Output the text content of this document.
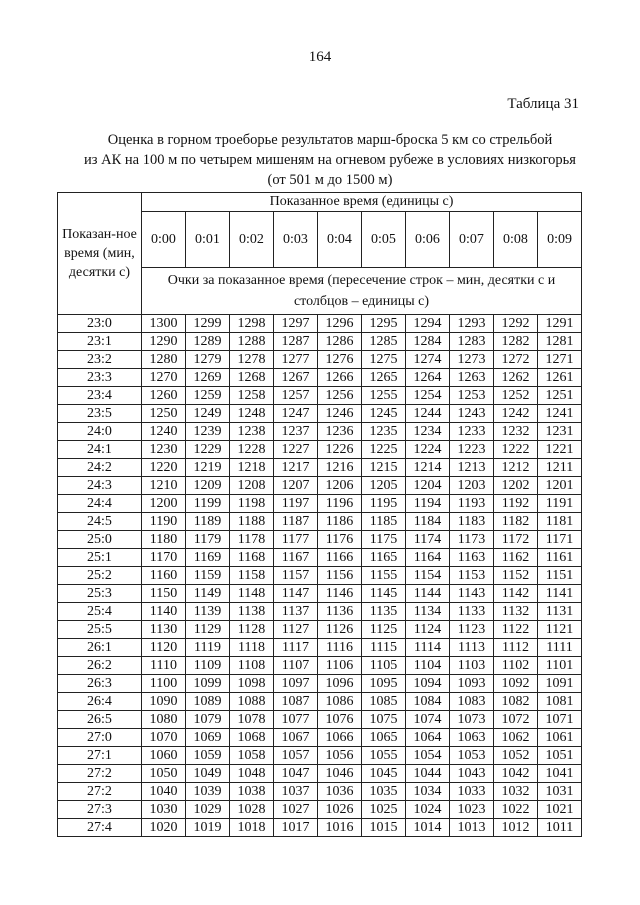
164
Таблица 31
Оценка в горном троеборье результатов марш-броска 5 км со стрельбой
из АК на 100 м по четырем мишеням на огневом рубеже в условиях низкогорья
(от 501 м до 1500 м)
Показан-ное время (мин, десятки с)	Показанное время (единицы с)									
	0:00	0:01	0:02	0:03	0:04	0:05	0:06	0:07	0:08	0:09
	Очки за показанное время (пересечение строк – мин, десятки с и столбцов – единицы с)									
23:0	1300	1299	1298	1297	1296	1295	1294	1293	1292	1291
23:1	1290	1289	1288	1287	1286	1285	1284	1283	1282	1281
23:2	1280	1279	1278	1277	1276	1275	1274	1273	1272	1271
23:3	1270	1269	1268	1267	1266	1265	1264	1263	1262	1261
23:4	1260	1259	1258	1257	1256	1255	1254	1253	1252	1251
23:5	1250	1249	1248	1247	1246	1245	1244	1243	1242	1241
24:0	1240	1239	1238	1237	1236	1235	1234	1233	1232	1231
24:1	1230	1229	1228	1227	1226	1225	1224	1223	1222	1221
24:2	1220	1219	1218	1217	1216	1215	1214	1213	1212	1211
24:3	1210	1209	1208	1207	1206	1205	1204	1203	1202	1201
24:4	1200	1199	1198	1197	1196	1195	1194	1193	1192	1191
24:5	1190	1189	1188	1187	1186	1185	1184	1183	1182	1181
25:0	1180	1179	1178	1177	1176	1175	1174	1173	1172	1171
25:1	1170	1169	1168	1167	1166	1165	1164	1163	1162	1161
25:2	1160	1159	1158	1157	1156	1155	1154	1153	1152	1151
25:3	1150	1149	1148	1147	1146	1145	1144	1143	1142	1141
25:4	1140	1139	1138	1137	1136	1135	1134	1133	1132	1131
25:5	1130	1129	1128	1127	1126	1125	1124	1123	1122	1121
26:1	1120	1119	1118	1117	1116	1115	1114	1113	1112	1111
26:2	1110	1109	1108	1107	1106	1105	1104	1103	1102	1101
26:3	1100	1099	1098	1097	1096	1095	1094	1093	1092	1091
26:4	1090	1089	1088	1087	1086	1085	1084	1083	1082	1081
26:5	1080	1079	1078	1077	1076	1075	1074	1073	1072	1071
27:0	1070	1069	1068	1067	1066	1065	1064	1063	1062	1061
27:1	1060	1059	1058	1057	1056	1055	1054	1053	1052	1051
27:2	1050	1049	1048	1047	1046	1045	1044	1043	1042	1041
27:2	1040	1039	1038	1037	1036	1035	1034	1033	1032	1031
27:3	1030	1029	1028	1027	1026	1025	1024	1023	1022	1021
27:4	1020	1019	1018	1017	1016	1015	1014	1013	1012	1011
